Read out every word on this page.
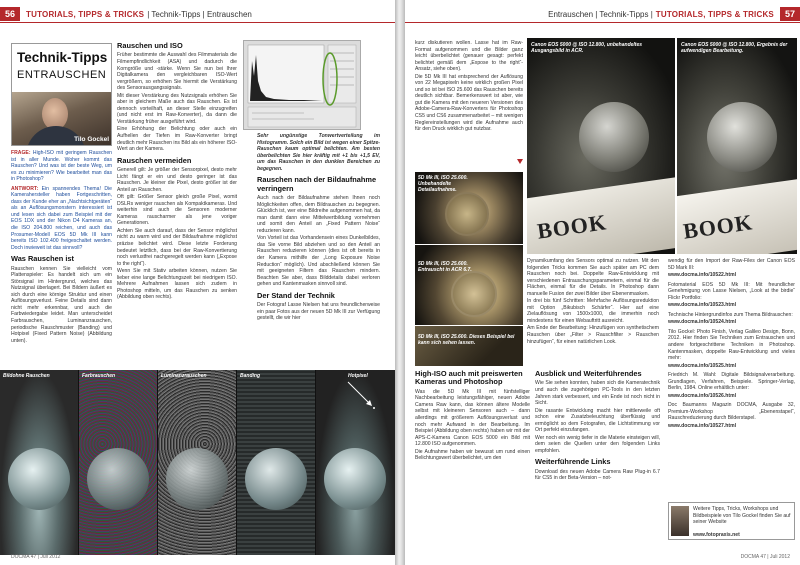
56	TUTORIALS, TIPPS & TRICKS | Technik-Tipps | Entrauschen
Technik-Tipps
ENTRAUSCHEN
Tilo Gockel

FRAGE: High-ISO mit geringem Rauschen ist in aller Munde. Woher kommt das Rauschen? Und was ist der beste Weg, um es zu minimieren? Wie bearbeitet man das in Photoshop?

ANTWORT: Ein spannendes Thema! Die Kamerahersteller haben Fortgeschritten, dass der Kunde eher an „Nachtsichtgeräten“ als an Auflösungsmonstern interessiert ist und lesen sich dabei zum Beispiel mit der EOS 1DX und der Nikon D4 Kameras an, die ISO 204.800 reichen, und auch das Prosumer-Modell EOS 5D Mk III kann bereits ISO 102.400 freigeschaltet werden. Doch inwieweit ist das sinnvoll?

Was Rauschen ist

Rauschen kennen Sie vielleicht vom Plattenspieler: Es handelt sich um ein Störsignal im Hintergrund, welches das Nutzsignal überlagert. Bei Bildern äußert es sich durch eine körnige Struktur und einen Auflösungsverlust. Feine Details sind dann nicht mehr erkennbar, und auch die Farbwiedergabe leidet. Man unterscheidet Farbrauschen, Luminanzrauschen, periodische Rauschmuster (Banding) und Hotpixel (Fixed Pattern Noise) (Abbildung unten).

Rauschen und ISO

Früher bestimmte die Auswahl des Filmmaterials die Filmempfindlichkeit (ASA) und dadurch die Korngröße und -stärke. Wenn Sie nun bei Ihrer Digitalkamera den vergleichbaren ISO-Wert vergrößern, so erhöhen Sie hiermit die Verstärkung des Sensorausgangssignals.

Mit dieser Verstärkung des Nutzsignals erhöhen Sie aber in gleichem Maße auch das Rauschen. Es ist dennoch vorteilhaft, an dieser Stelle einzugreifen (und nicht erst im Raw-Konverter), da dann die Verstärkung früher ausgeführt wird.

Eine Erhöhung der Belichtung oder auch ein Aufhellen der Tiefen im Raw-Konverter bringt deutlich mehr Rauschen ins Bild als ein höherer ISO-Wert an der Kamera.

Rauschen vermeiden

Generell gilt: Je größer der Sensorpixel, desto mehr Licht fängt er ein und desto geringer ist das Rauschen. Je kleiner die Pixel, desto größer ist der Anteil an Rauschen.

Oft gilt: Größer Sensor gleich große Pixel, womit DSLRs weniger rauschen als Kompaktkameras. Und weiterhin sind auch die Sensoren moderner Kameras rauscharmer als jene voriger Generationen.

Achten Sie auch darauf, dass der Sensor möglichst nicht zu warm wird und der Bildaufnahme möglichst präzise belichtet wird. Diese letzte Forderung bedeutet letztlich, dass bei der Raw-Konvertierung noch verlustfrei nachgeregelt werden kann („Expose to the right“).

Wenn Sie mit Stativ arbeiten können, nutzen Sie lieber eine lange Belichtungszeit bei niedrigem ISO. Mehrere Aufnahmen lassen sich zudem in Photoshop mitteln, um das Rauschen zu senken (Abbildung oben rechts).

Sehr ungünstige Tonwertverteilung im Histogramm. Solch ein Bild ist wegen einer Spitze-Rauschen kaum optimal belichten. Am besten überbelichten Sie hier kräftig mit +1 bis +1,5 EV, um das Rauschen in den dunklen Bereichen zu begegnen.

Rauschen nach der Bildaufnahme verringern

Auch nach der Bildaufnahme stehen Ihnen noch Möglichkeiten offen, dem Bildrauschen zu begegnen. Glücklich ist, wer eine Bildreihe aufgenommen hat, da man damit dann eine Mittelwertbildung vornehmen und somit den Anteil an „Fixed Pattern Noise“ reduzieren kann.

Von Vorteil ist das Vorhandensein eines Dunkelbildes, das Sie vorne Bild abziehen und so den Anteil an Rauschen reduzieren können (dies ist oft bereits in der Kamera mithilfe der „Long Exposure Noise Reduction“ möglich). Und abschließend können Sie mit geeigneten Filtern das Rauschen mindern. Beachten Sie aber, dass Bilddetails dabei verloren gehen und Kantenmasken sinnvoll sind.

Der Stand der Technik

Der Fotograf Lasse Nielsen hat uns freundlicherweise ein paar Fotos aus der neuen 5D Mk III zur Verfügung gestellt, die wir hier

Bildohne Rauschen	Farbrauschen	Luminanzrauschen	Banding	Hotpixel
DOCMA 47 | Juli 2012
Entrauschen | Technik-Tipps | TUTORIALS, TIPPS & TRICKS	57

kurz diskutieren wollen. Lasse hat im Raw-Format aufgenommen und die Bilder ganz leicht überbelichtet (genauer gesagt: perfekt belichtet gemäß dem „Expose to the right“-Ansatz, siehe oben).

Die 5D Mk III hat entsprechend der Auflösung von 22 Megapixeln keine wirklich großen Pixel und so ist bei ISO 25.600 das Rauschen bereits deutlich sichtbar. Bemerkenswert ist aber, wie gut die Kamera mit den neueren Versionen des Adobe-Camera-Raw-Konverters für Photoshop CS5 und CS6 zusammenarbeitet – mit wenigen Reglereinstellungen wird die Aufnahme auch für den Druck wirklich gut nutzbar.

5D Mk III, ISO 25.600. Unbehandelte Detailaufnahme.
5D Mk III, ISO 25.600. Entrauscht in ACR 6.7.
5D Mk III, ISO 25.600. Dieses Beispiel bei kann sich sehen lassen.
BOOK
Canon EOS 5000 @ ISO 12.800, unbehandeltes Ausgangsbild in ACR.
BOOK
Canon EOS 5000 @ ISO 12.800, Ergebnis der aufwendigen Bearbeitung.

Dynamikumfang des Sensors optimal zu nutzen. Mit den folgenden Tricks kommen Sie auch später am PC dem Rauschen noch bei. Doppelte Raw-Entwicklung mit verschiedenen Entrauschungsparametern, einmal für die Flächen, einmal für die Details. In Photoshop dann manuelle Fusion der zwei Bilder über Ebenenmasken.

In drei bis fünf Schritten: Mehrfache Auflösungsreduktion mit Option „Bikubisch Schärfer“. Hier auf eine Zielauflösung von 1500x1000, die immerhin noch mindestens für einen Webauftritt ausreicht.

Am Ende der Bearbeitung: Hinzufügen von synthetischem Rauschen über „Filter > Rauschfilter > Rauschen hinzufügen“, für einen natürlichen Look.

wendig für den Import der Raw-Files der Canon EOS 5D Mark III:

www.docma.info/10522.html

Fotomaterial EOS 5D Mk III: Mit freundlicher Genehmigung von Lasse Nielsen, „Look at the birdie“ Flickr Portfolio:

www.docma.info/10523.html

Technische Hintergrundinfos zum Thema Bildrauschen:

www.docma.info/10524.html

Tilo Gockel: Photo Finish, Verlag Galileo Design, Bonn, 2012. Hier finden Sie Techniken zum Entrauschen und andere fortgeschrittene Techniken in Photoshop. Kantenmasken, doppelte Raw-Entwicklung und vieles mehr:

www.docma.info/10525.html

Friedrich M. Wahl: Digitale Bildsignalverarbeitung. Grundlagen, Verfahren, Beispiele. Springer-Verlag, Berlin, 1984. Online erhältlich unter:

www.docma.info/10526.html

Doc Baumanns Magazin DOCMA, Ausgabe 32, Premium-Workshop „Ebenenstapel“, Rauschreduzierung durch Bilderstapel.

www.docma.info/10527.html

Weitere Tipps, Tricks, Workshops und Bildbeispiele von Tilo Gockel finden Sie auf seiner Website
www.fotopraxis.net
High-ISO auch mit preiswerten Kameras und Photoshop

Was die 5D Mk III mit fünfstelliger Nachbearbeitung leistungsfähiger, neuen Adobe Camera Raw kann, das können ältere Modelle selbst mit kleineren Sensoren auch – dann allerdings mit größerem Auflösungsverlust und noch mehr Aufwand in der Bearbeitung. Im Beispiel (Abbildung oben rechts) haben wir mit der APS-C-Kamera Canon EOS 5000 ein Bild mit 12.800 ISO aufgenommen.

Die Aufnahme haben wir bewusst um rund einen Belichtungswert überbelichtet, um den

Ausblick und Weiterführendes

Wie Sie sehen konnten, haben sich die Kameratechnik und auch die zugehörigen PC-Tools in den letzten Jahren stark verbessert, und ein Ende ist noch nicht in Sicht.

Die rasante Entwicklung macht hier mittlerweile oft schon eine Zusatzbeleuchtung überflüssig und ermöglicht so dem Fotografen, die Lichtstimmung vor Ort perfekt einzufangen.

Wer noch ein wenig tiefer in die Materie einsteigen will, dem seien die Quellen unter den folgenden Links empfohlen.

Weiterführende Links

Download des neuen Adobe Camera Raw Plug-in 6.7 für CS5 in der Beta-Version – not-

DOCMA 47 | Juli 2012
